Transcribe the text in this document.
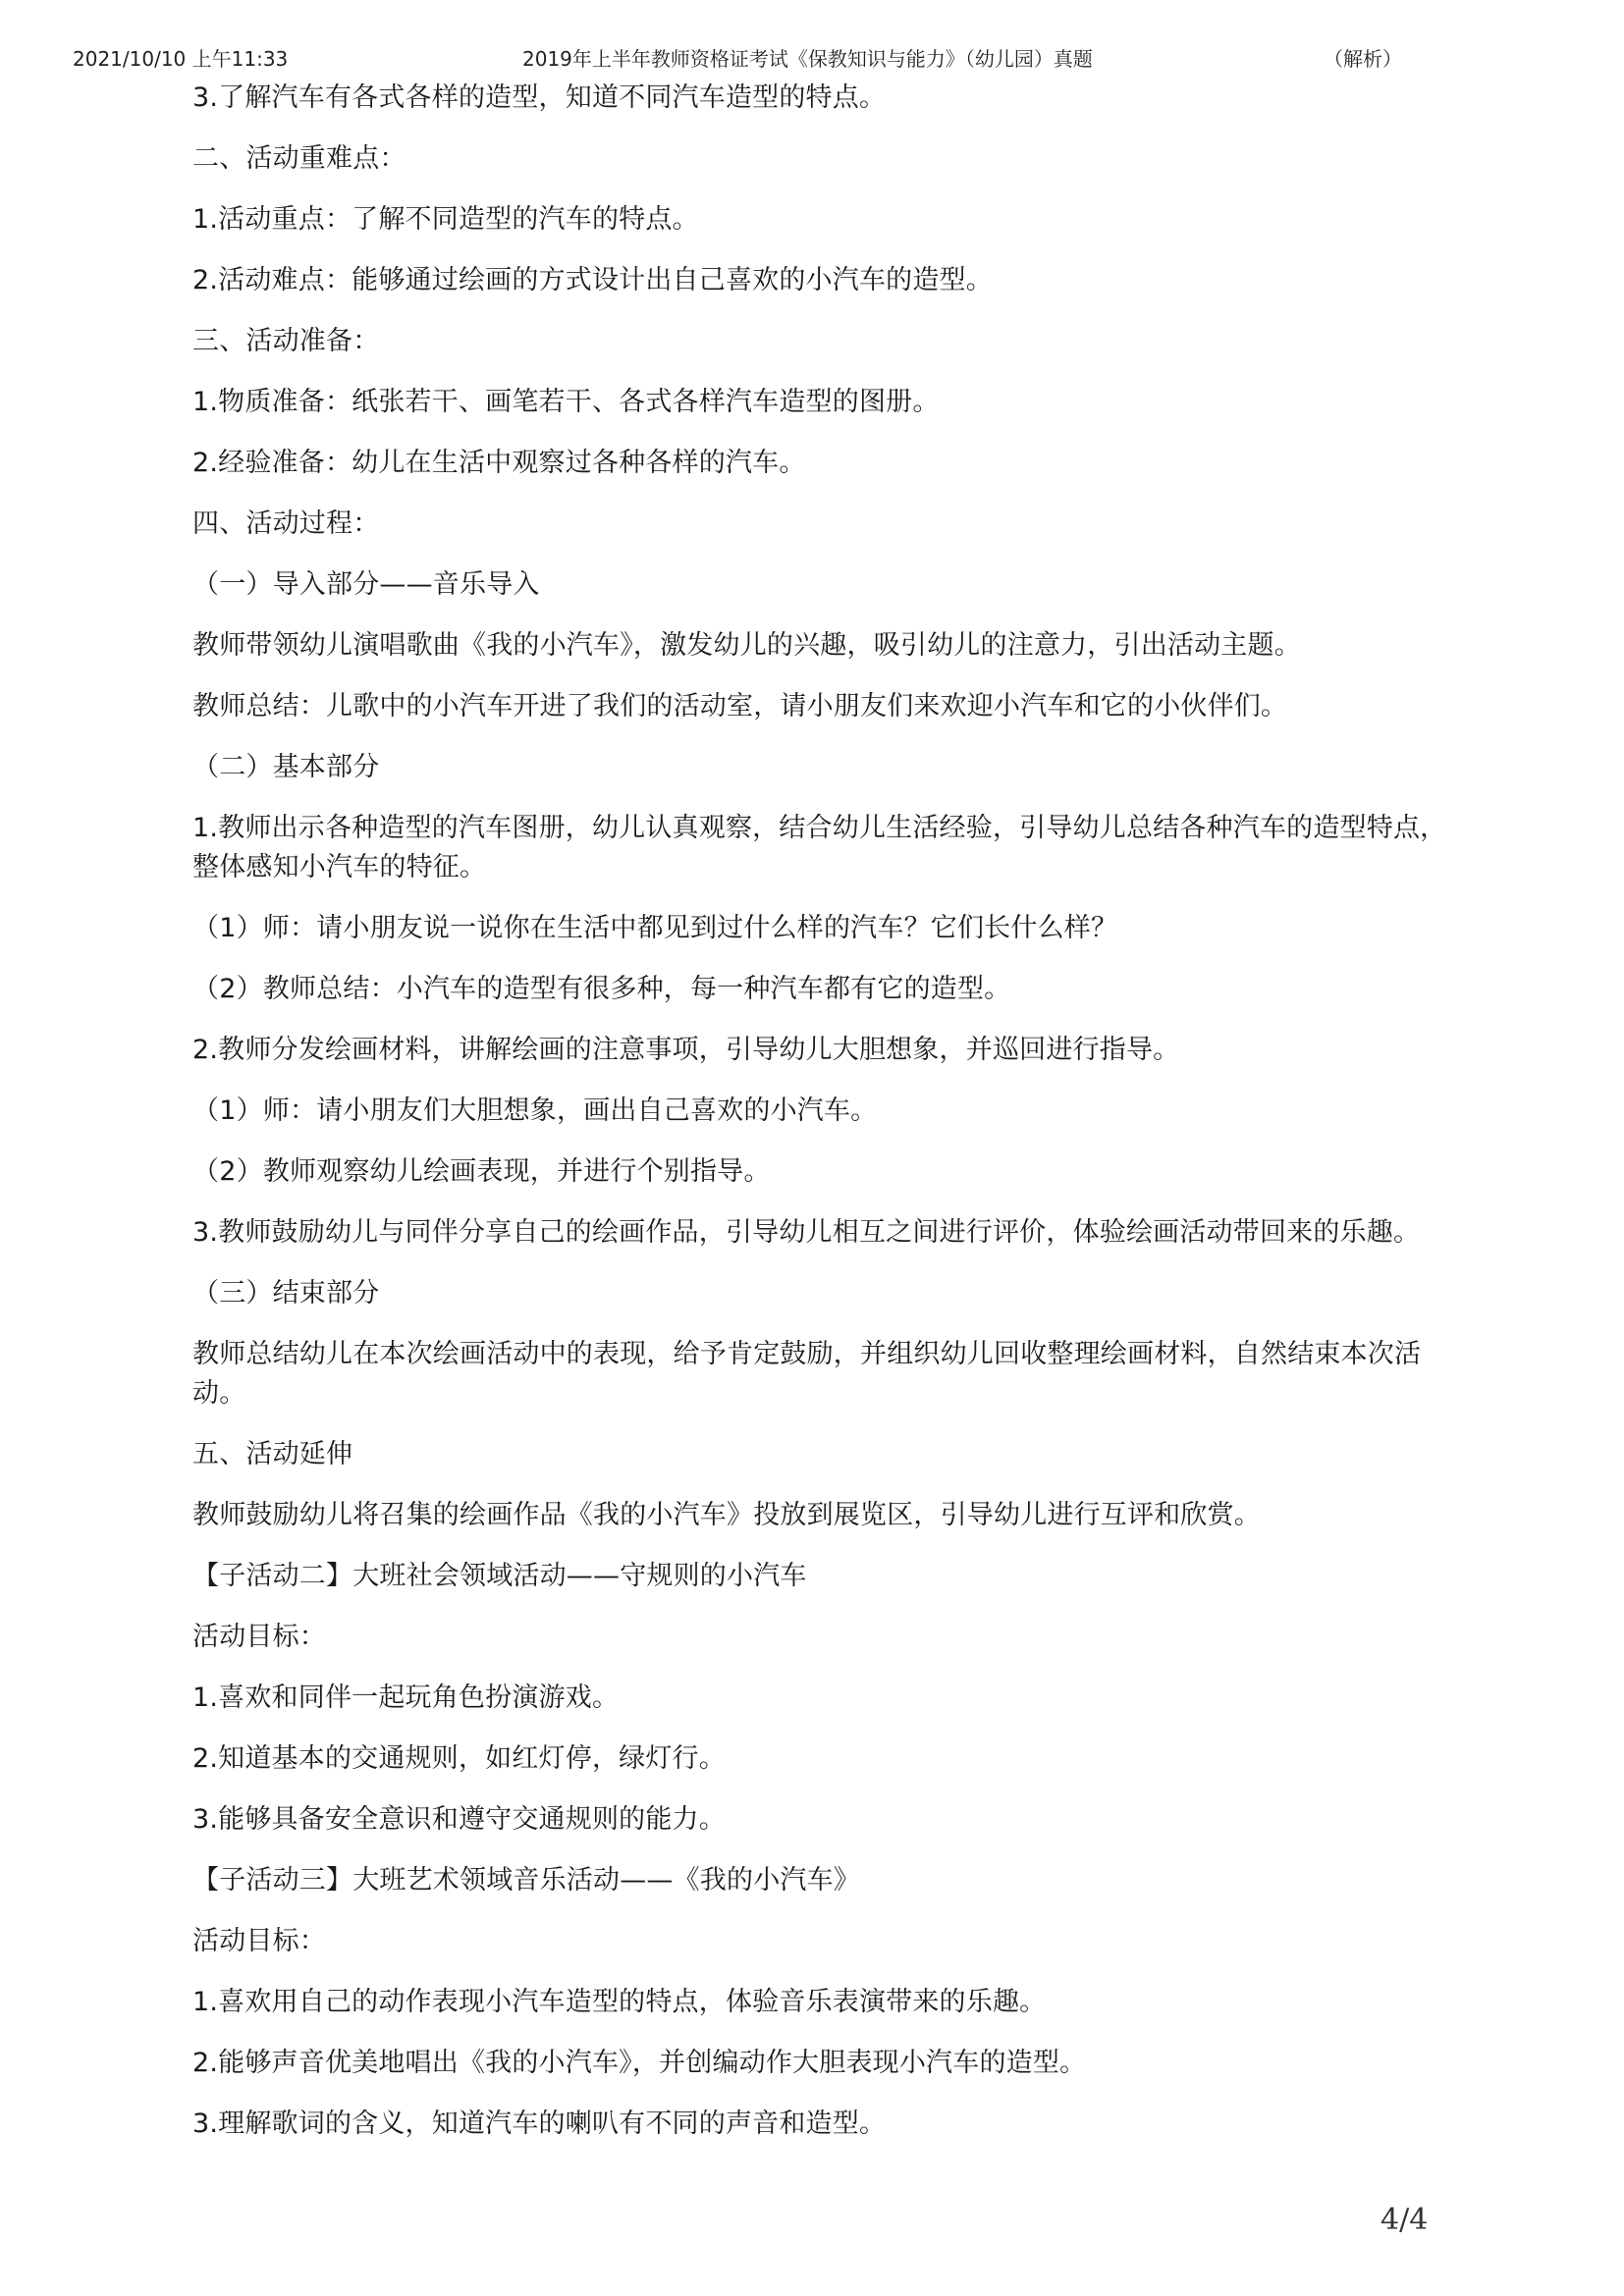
2021/10/10 上午11:33	2019年上半年教师资格证考试《保教知识与能力》（幼儿园）真题	（解析）

3.了解汽车有各式各样的造型，知道不同汽车造型的特点。

二、活动重难点：

1.活动重点：了解不同造型的汽车的特点。

2.活动难点：能够通过绘画的方式设计出自己喜欢的小汽车的造型。

三、活动准备：

1.物质准备：纸张若干、画笔若干、各式各样汽车造型的图册。

2.经验准备：幼儿在生活中观察过各种各样的汽车。

四、活动过程：

（一）导入部分——音乐导入

教师带领幼儿演唱歌曲《我的小汽车》，激发幼儿的兴趣，吸引幼儿的注意力，引出活动主题。

教师总结：儿歌中的小汽车开进了我们的活动室，请小朋友们来欢迎小汽车和它的小伙伴们。

（二）基本部分

1.教师出示各种造型的汽车图册，幼儿认真观察，结合幼儿生活经验，引导幼儿总结各种汽车的造型特点，整体感知小汽车的特征。

（1）师：请小朋友说一说你在生活中都见到过什么样的汽车？它们长什么样？

（2）教师总结：小汽车的造型有很多种，每一种汽车都有它的造型。

2.教师分发绘画材料，讲解绘画的注意事项，引导幼儿大胆想象，并巡回进行指导。

（1）师：请小朋友们大胆想象，画出自己喜欢的小汽车。

（2）教师观察幼儿绘画表现，并进行个别指导。

3.教师鼓励幼儿与同伴分享自己的绘画作品，引导幼儿相互之间进行评价，体验绘画活动带回来的乐趣。

（三）结束部分

教师总结幼儿在本次绘画活动中的表现，给予肯定鼓励，并组织幼儿回收整理绘画材料，自然结束本次活动。

五、活动延伸

教师鼓励幼儿将召集的绘画作品《我的小汽车》投放到展览区，引导幼儿进行互评和欣赏。

【子活动二】大班社会领域活动——守规则的小汽车

活动目标：

1.喜欢和同伴一起玩角色扮演游戏。

2.知道基本的交通规则，如红灯停，绿灯行。

3.能够具备安全意识和遵守交通规则的能力。

【子活动三】大班艺术领域音乐活动——《我的小汽车》

活动目标：

1.喜欢用自己的动作表现小汽车造型的特点，体验音乐表演带来的乐趣。

2.能够声音优美地唱出《我的小汽车》，并创编动作大胆表现小汽车的造型。

3.理解歌词的含义，知道汽车的喇叭有不同的声音和造型。

4/4
